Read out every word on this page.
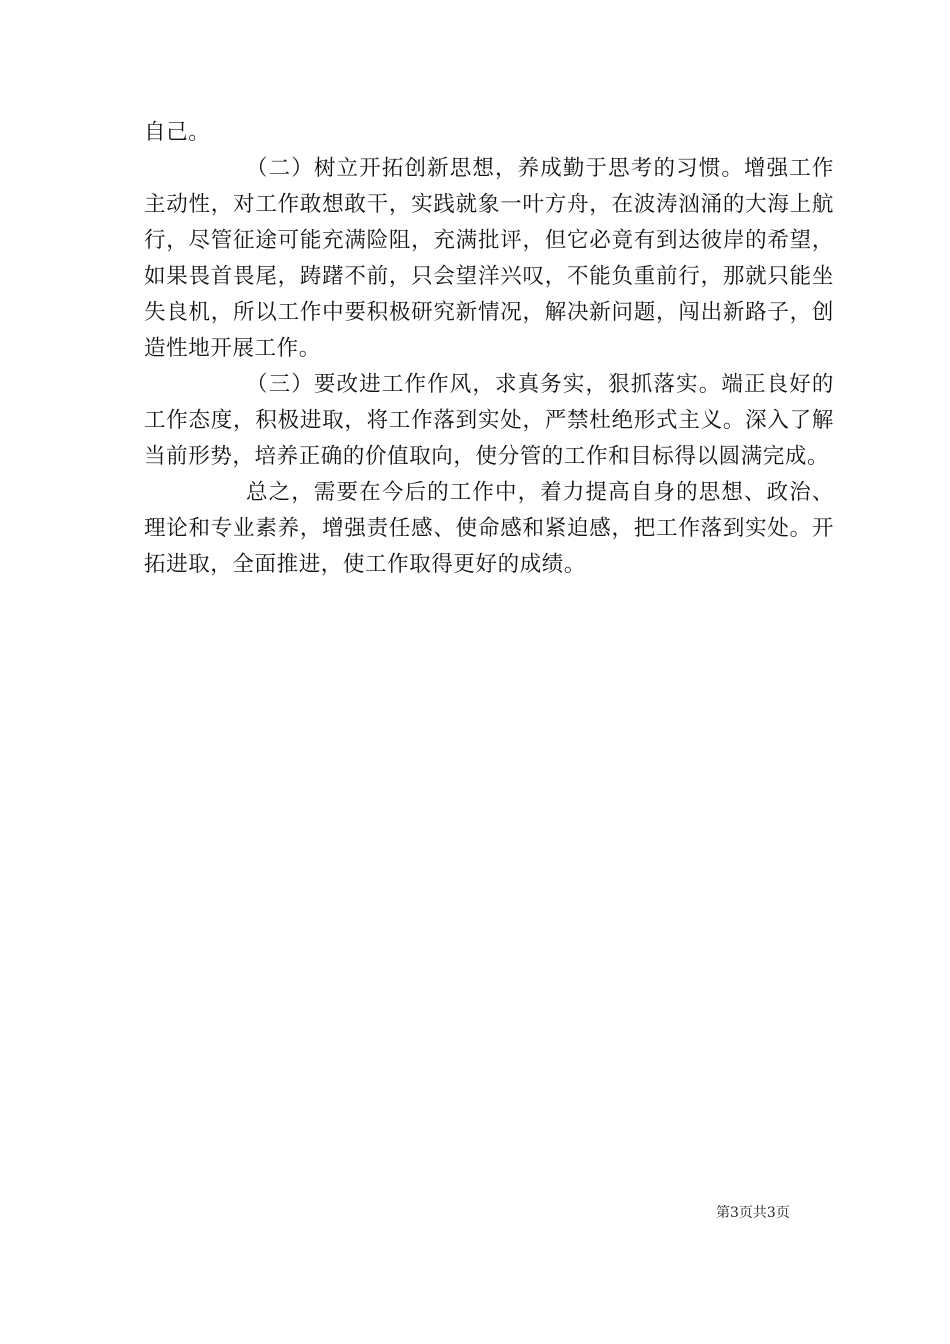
自己。

（二）树立开拓创新思想，养成勤于思考的习惯。增强工作主动性，对工作敢想敢干，实践就象一叶方舟，在波涛汹涌的大海上航行，尽管征途可能充满险阻，充满批评，但它必竟有到达彼岸的希望，如果畏首畏尾，踌躇不前，只会望洋兴叹，不能负重前行，那就只能坐失良机，所以工作中要积极研究新情况，解决新问题，闯出新路子，创造性地开展工作。

（三）要改进工作作风，求真务实，狠抓落实。端正良好的工作态度，积极进取，将工作落到实处，严禁杜绝形式主义。深入了解当前形势，培养正确的价值取向，使分管的工作和目标得以圆满完成。

总之，需要在今后的工作中，着力提高自身的思想、政治、理论和专业素养，增强责任感、使命感和紧迫感，把工作落到实处。开拓进取，全面推进，使工作取得更好的成绩。

第3页共3页
